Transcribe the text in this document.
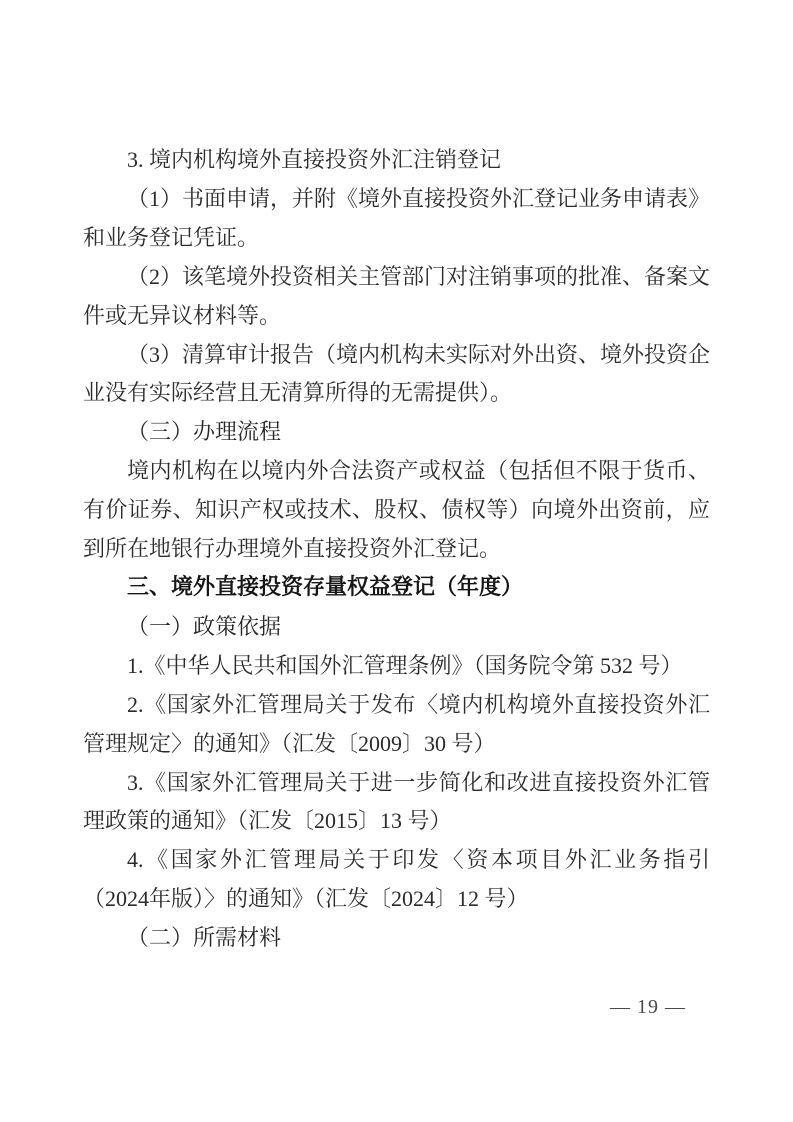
3. 境内机构境外直接投资外汇注销登记

（1）书面申请，并附《境外直接投资外汇登记业务申请表》和业务登记凭证。

（2）该笔境外投资相关主管部门对注销事项的批准、备案文件或无异议材料等。

（3）清算审计报告（境内机构未实际对外出资、境外投资企业没有实际经营且无清算所得的无需提供）。

（三）办理流程

境内机构在以境内外合法资产或权益（包括但不限于货币、有价证券、知识产权或技术、股权、债权等）向境外出资前，应到所在地银行办理境外直接投资外汇登记。

三、境外直接投资存量权益登记（年度）

（一）政策依据

1.《中华人民共和国外汇管理条例》（国务院令第 532 号）

2.《国家外汇管理局关于发布〈境内机构境外直接投资外汇管理规定〉的通知》（汇发〔2009〕30 号）

3.《国家外汇管理局关于进一步简化和改进直接投资外汇管理政策的通知》（汇发〔2015〕13 号）

4.《国家外汇管理局关于印发〈资本项目外汇业务指引（2024年版）〉的通知》（汇发〔2024〕12 号）

（二）所需材料

— 19 —
